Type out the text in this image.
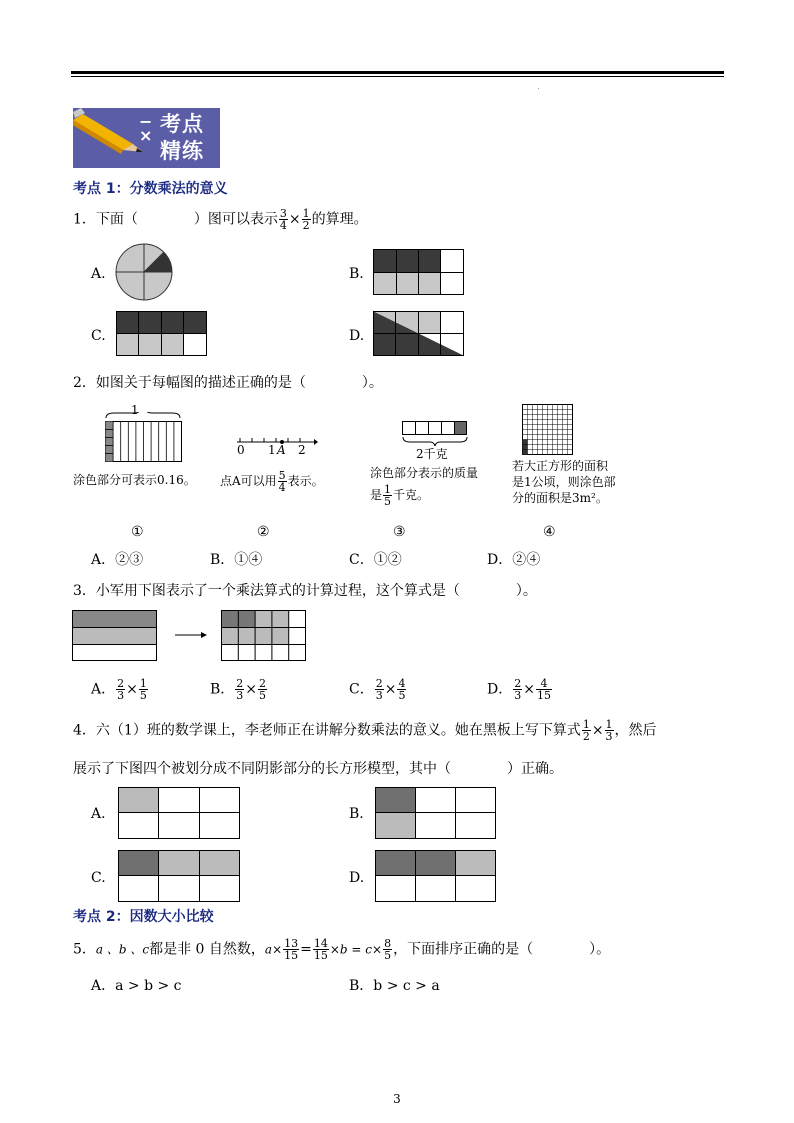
−
× 考点
精练
考点 1：分数乘法的意义
1．下面（　　　　）图可以表示 $\frac{3}{4} \times \frac{1}{2}$ 的算理。
A.	B.
C.	D.
2．如图关于每幅图的描述正确的是（　　　　）。
1
涂色部分可表示0.16。
0 1 A 2
点A可以用 $\frac{5}{4}$ 表示。
2千克
涂色部分表示的质量
是 $\frac{1}{5}$ 千克。
若大正方形的面积
是1公顷，则涂色部
分的面积是3m²。
①	②	③	④
A．②③	B．①④	C．①②	D．②④
3．小军用下图表示了一个乘法算式的计算过程，这个算式是（　　　　）。
A． $\frac{2}{3} \times \frac{1}{5}$	B． $\frac{2}{3} \times \frac{2}{5}$	C． $\frac{2}{3} \times \frac{4}{5}$	D． $\frac{2}{3} \times \frac{4}{15}$
4．六（1）班的数学课上，李老师正在讲解分数乘法的意义。她在黑板上写下算式 $\frac{1}{2} \times \frac{1}{3}$ ，然后
展示了下图四个被划分成不同阴影部分的长方形模型，其中（　　　　）正确。
A.	B.
C.	D.
考点 2：因数大小比较
5．a 、b 、c都是非 0 自然数，$a\times \frac{13}{15} = \frac{14}{15} \times b = c\times \frac{8}{5}$ ，下面排序正确的是（　　　　）。
A．a > b > c	B．b > c > a
3
